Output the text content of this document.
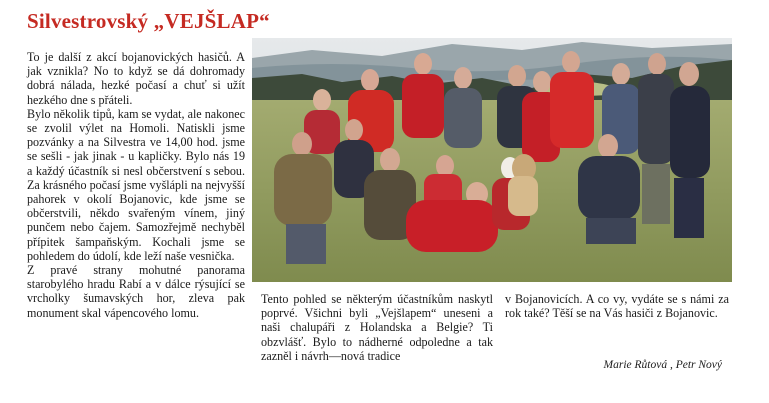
Silvestrovský „VEJŠLAP“

To je další z akcí bojanovických hasičů. A jak vznikla? No to když se dá dohromady dobrá nálada, hezké počasí a chuť si užít hezkého dne s přáteli.

Bylo několik tipů, kam se vydat, ale nakonec se zvolil výlet na Homoli. Natiskli jsme pozvánky a na Silvestra ve 14,00 hod. jsme se sešli - jak jinak - u kapličky. Bylo nás 19 a každý účastník si nesl občerstvení s sebou. Za krásného počasí jsme vyšlápli na nejvyšší pahorek v okolí Bojanovic, kde jsme se občerstvili, někdo svařeným vínem, jiný punčem nebo čajem. Samozřejmě nechyběl přípitek šampaňským. Kochali jsme se pohledem do údolí, kde leží naše vesnička.

Z pravé strany mohutné panorama starobylého hradu Rabí a v dálce rýsující se vrcholky šumavských hor, zleva pak monument skal vápencového lomu.

Tento pohled se některým účastníkům naskytl poprvé. Všichni byli „Vejšlapem“ uneseni a naši chalupáři z Holandska a Belgie? Ti obzvlášť. Bylo to nádherné odpoledne a tak zazněl i návrh—nová tradice

v Bojanovicích. A co vy, vydáte se s námi za rok také? Těší se na Vás hasiči z Bojanovic.

Marie Růtová , Petr Nový
